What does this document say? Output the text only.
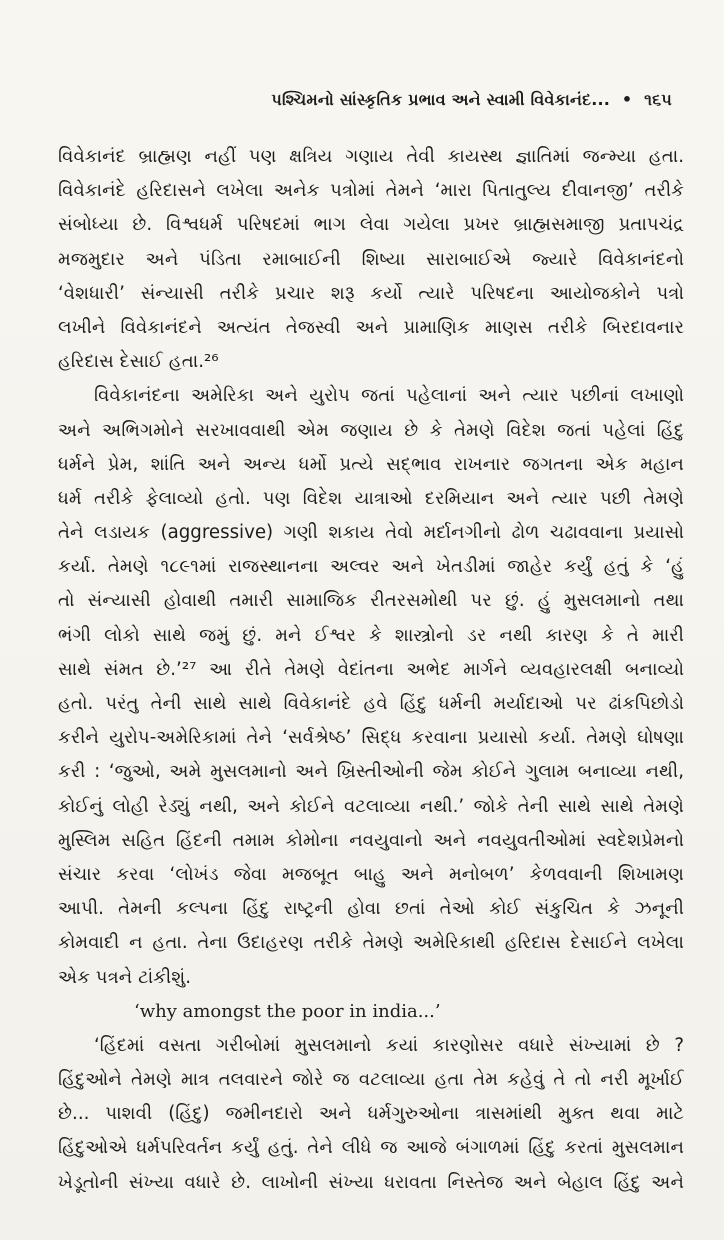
પશ્ચિમનો સાંસ્કૃતિક પ્રભાવ અને સ્વામી વિવેકાનંદ... • ૧૬૫
વિવેકાનંદ બ્રાહ્મણ નહીં પણ ક્ષત્રિય ગણાય તેવી કાયસ્થ જ્ઞાતિમાં જન્મ્યા હતા.
વિવેકાનંદે હરિદાસને લખેલા અનેક પત્રોમાં તેમને ‘મારા પિતાતુલ્ય દીવાનજી’ તરીકે
સંબોધ્યા છે. વિશ્વધર્મ પરિષદમાં ભાગ લેવા ગયેલા પ્રખર બ્રાહ્મસમાજી પ્રતાપચંદ્ર
મજમુદાર અને પંડિતા રમાબાઈની શિષ્યા સારાબાઈએ જ્યારે વિવેકાનંદનો
‘વેશધારી’ સંન્યાસી તરીકે પ્રચાર શરૂ કર્યો ત્યારે પરિષદના આયોજકોને પત્રો
લખીને વિવેકાનંદને અત્યંત તેજસ્વી અને પ્રામાણિક માણસ તરીકે બિરદાવનાર
હરિદાસ દેસાઈ હતા.²⁶
વિવેકાનંદના અમેરિકા અને યુરોપ જતાં પહેલાનાં અને ત્યાર પછીનાં લખાણો
અને અભિગમોને સરખાવવાથી એમ જણાય છે કે તેમણે વિદેશ જતાં પહેલાં હિંદુ
ધર્મને પ્રેમ, શાંતિ અને અન્ય ધર્મો પ્રત્યે સદ્‌ભાવ રાખનાર જગતના એક મહાન
ધર્મ તરીકે ફેલાવ્યો હતો. પણ વિદેશ યાત્રાઓ દરમિયાન અને ત્યાર પછી તેમણે
તેને લડાયક (aggressive) ગણી શકાય તેવો મર્દાનગીનો ઢોળ ચઢાવવાના પ્રયાસો
કર્યા. તેમણે ૧૮૯૧માં રાજસ્થાનના અલ્વર અને ખેતડીમાં જાહેર કર્યું હતું કે ‘હું
તો સંન્યાસી હોવાથી તમારી સામાજિક રીતરસમોથી પર છું. હું મુસલમાનો તથા
ભંગી લોકો સાથે જમું છું. મને ઈશ્વર કે શાસ્ત્રોનો ડર નથી કારણ કે તે મારી
સાથે સંમત છે.’²⁷ આ રીતે તેમણે વેદાંતના અભેદ માર્ગને વ્યવહારલક્ષી બનાવ્યો
હતો. પરંતુ તેની સાથે સાથે વિવેકાનંદે હવે હિંદુ ધર્મની મર્યાદાઓ પર ઢાંકપિછોડો
કરીને યુરોપ-અમેરિકામાં તેને ‘સર્વશ્રેષ્ઠ’ સિદ્ધ કરવાના પ્રયાસો કર્યા. તેમણે ઘોષણા
કરી : ‘જુઓ, અમે મુસલમાનો અને ખ્રિસ્તીઓની જેમ કોઈને ગુલામ બનાવ્યા નથી,
કોઈનું લોહી રેડ્યું નથી, અને કોઈને વટલાવ્યા નથી.’ જોકે તેની સાથે સાથે તેમણે
મુસ્લિમ સહિત હિંદની તમામ કોમોના નવયુવાનો અને નવયુવતીઓમાં સ્વદેશપ્રેમનો
સંચાર કરવા ‘લોખંડ જેવા મજબૂત બાહુ અને મનોબળ’ કેળવવાની શિખામણ
આપી. તેમની કલ્પના હિંદુ રાષ્ટ્રની હોવા છતાં તેઓ કોઈ સંકુચિત કે ઝનૂની
કોમવાદી ન હતા. તેના ઉદાહરણ તરીકે તેમણે અમેરિકાથી હરિદાસ દેસાઈને લખેલા
એક પત્રને ટાંકીશું.
‘why amongst the poor in india...’
‘હિંદમાં વસતા ગરીબોમાં મુસલમાનો કયાં કારણોસર વધારે સંખ્યામાં છે ?
હિંદુઓને તેમણે માત્ર તલવારને જોરે જ વટલાવ્યા હતા તેમ કહેવું તે તો નરી મૂર્ખાઈ
છે... પાશવી (હિંદુ) જમીનદારો અને ધર્મગુરુઓના ત્રાસમાંથી મુક્ત થવા માટે
હિંદુઓએ ધર્મપરિવર્તન કર્યું હતું. તેને લીધે જ આજે બંગાળમાં હિંદુ કરતાં મુસલમાન
ખેડૂતોની સંખ્યા વધારે છે. લાખોની સંખ્યા ધરાવતા નિસ્તેજ અને બેહાલ હિંદુ અને
